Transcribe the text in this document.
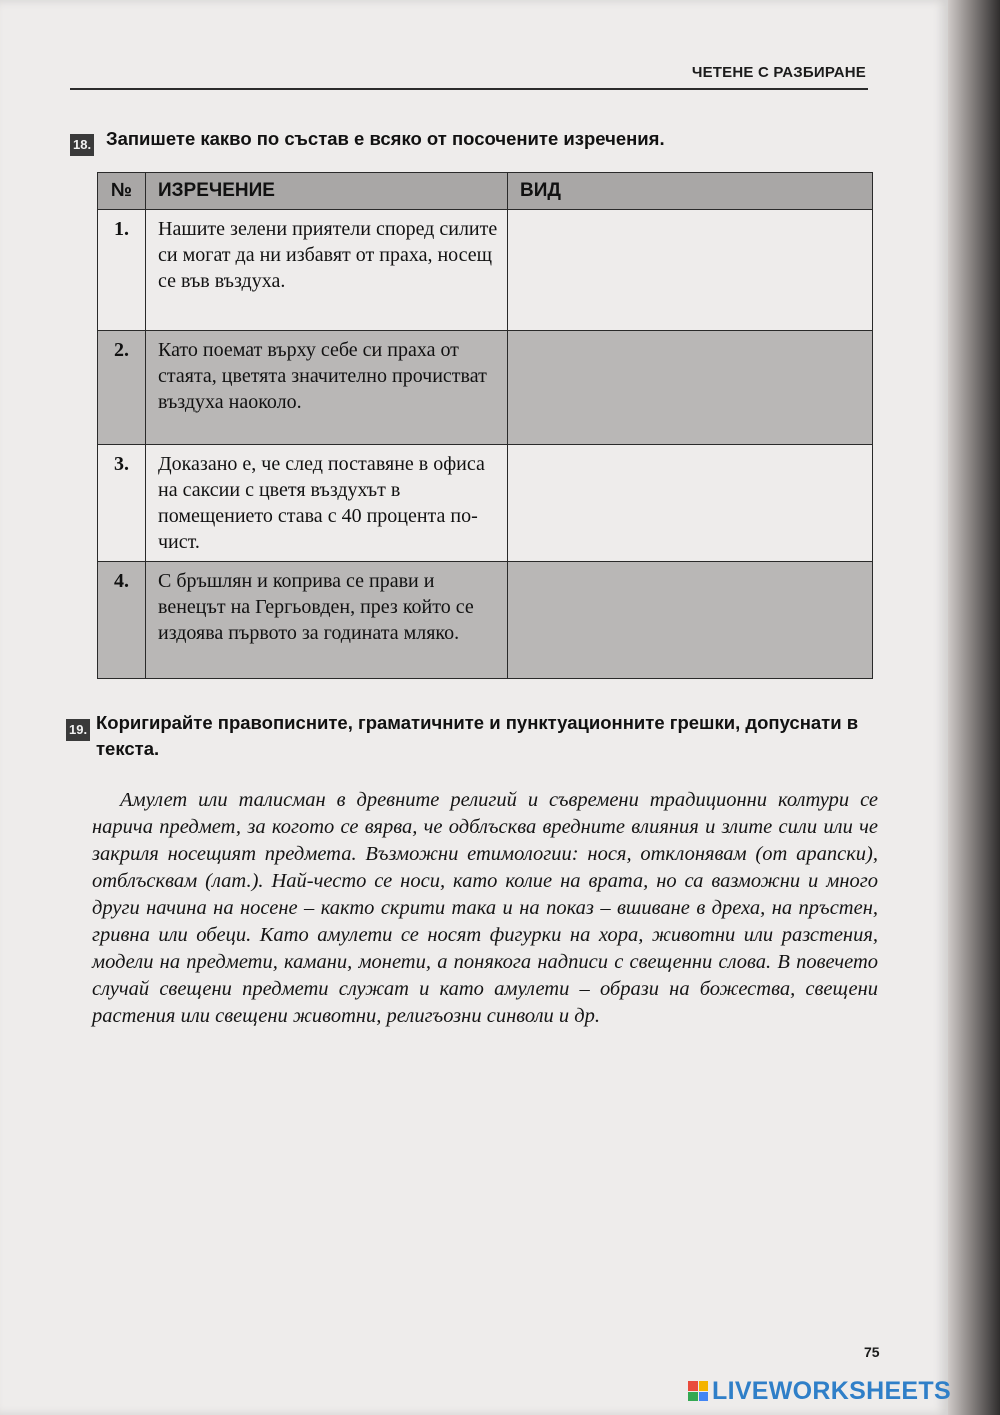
ЧЕТЕНЕ С РАЗБИРАНЕ
18. Запишете какво по състав е всяко от посочените изречения.
№	ИЗРЕЧЕНИЕ	ВИД
1.	Нашите зелени приятели според силите си могат да ни избавят от праха, носещ се във въздуха.	
2.	Като поемат върху себе си праха от стаята, цветята значително прочистват въздуха наоколо.	
3.	Доказано е, че след поставяне в офиса на саксии с цветя въздухът в помещението става с 40 процента по-чист.	
4.	С бръшлян и коприва се прави и венецът на Гергьовден, през който се издоява първото за годината мляко.	
19. Коригирайте правописните, граматичните и пунктуационните грешки, допуснати в текста.

Амулет или талисман в древните религий и съвремени традиционни колтури се нарича предмет, за когото се вярва, че одблъсква вредните влияния и злите сили или че закриля носещият предмета. Възможни етимологии: нося, отклонявам (от арапски), отблъсквам (лат.). Най-често се носи, като колие на врата, но са вазможни и много други начина на носене – както скрити така и на показ – вшиване в дреха, на пръстен, гривна или обеци. Като амулети се носят фигурки на хора, животни или разстения, модели на предмети, камани, монети, а понякога надписи с свещенни слова. В повечето случай свещени предмети служат и като амулети – образи на божества, свещени растения или свещени животни, религъозни синволи и др.

75
LIVEWORKSHEETS
